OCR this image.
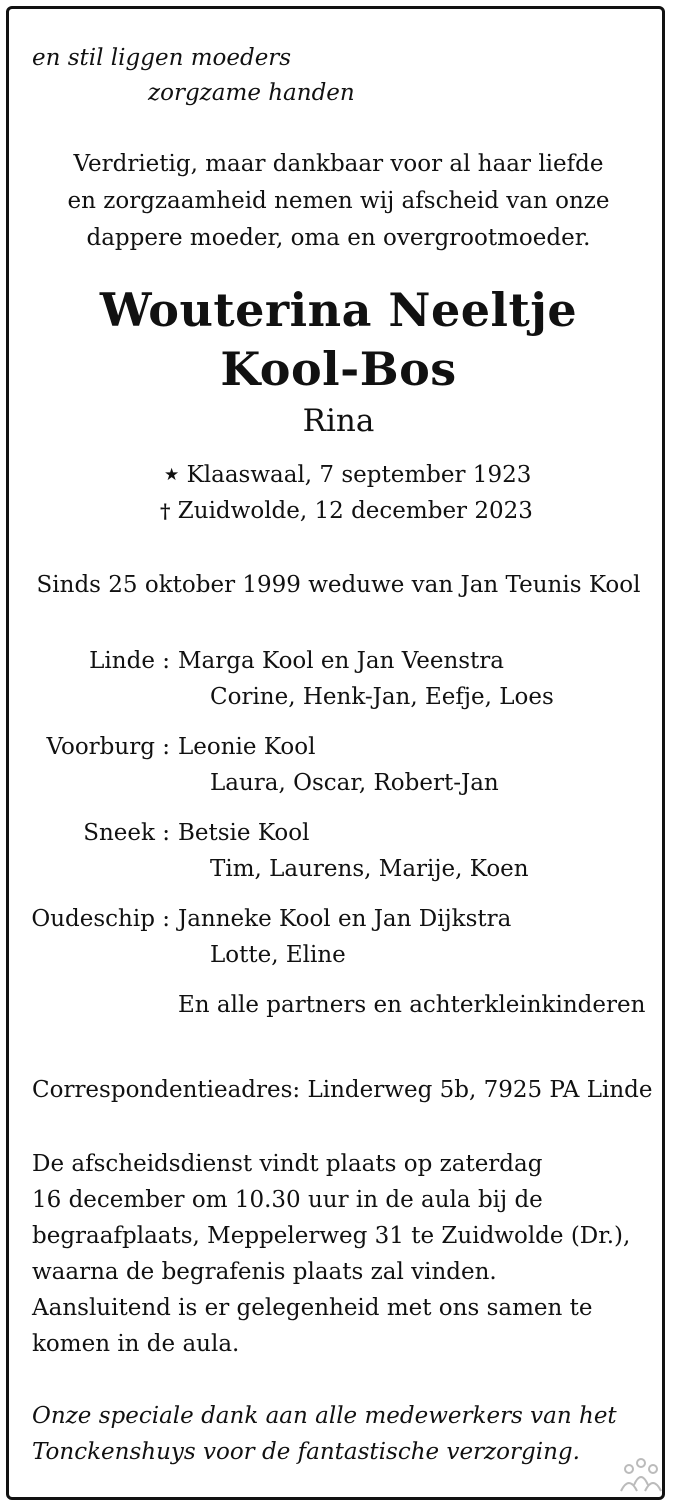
en stil liggen moeders
zorgzame handen
Verdrietig, maar dankbaar voor al haar liefde
en zorgzaamheid nemen wij afscheid van onze
dappere moeder, oma en overgrootmoeder.
Wouterina Neeltje
Kool-Bos
Rina
★ Klaaswaal, 7 september 1923
† Zuidwolde, 12 december 2023
Sinds 25 oktober 1999 weduwe van Jan Teunis Kool
Linde : Marga Kool en Jan Veenstra
Corine, Henk-Jan, Eefje, Loes
Voorburg : Leonie Kool
Laura, Oscar, Robert-Jan
Sneek : Betsie Kool
Tim, Laurens, Marije, Koen
Oudeschip : Janneke Kool en Jan Dijkstra
Lotte, Eline
En alle partners en achterkleinkinderen
Correspondentieadres: Linderweg 5b, 7925 PA Linde
De afscheidsdienst vindt plaats op zaterdag
16 december om 10.30 uur in de aula bij de
begraafplaats, Meppelerweg 31 te Zuidwolde (Dr.),
waarna de begrafenis plaats zal vinden.
Aansluitend is er gelegenheid met ons samen te
komen in de aula.
Onze speciale dank aan alle medewerkers van het
Tonckenshuys voor de fantastische verzorging.
